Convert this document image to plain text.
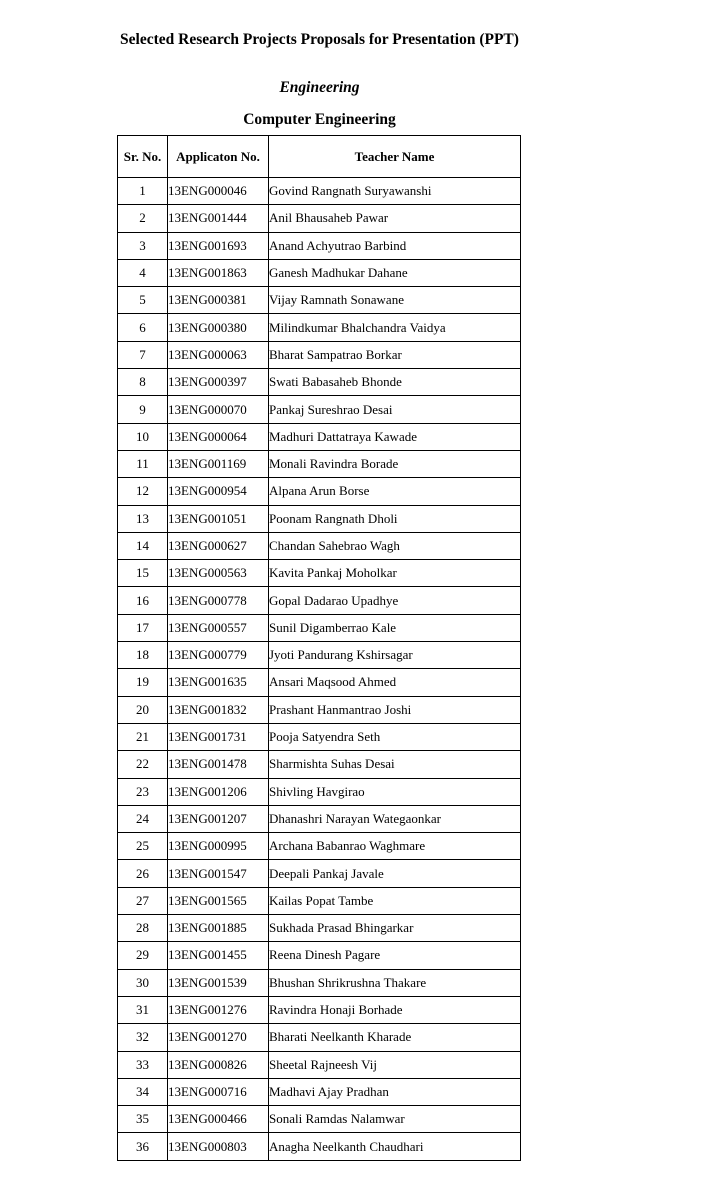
Selected Research Projects Proposals for Presentation (PPT)
Engineering
Computer Engineering
Sr. No.	Applicaton No.	Teacher Name
1	13ENG000046	Govind Rangnath Suryawanshi
2	13ENG001444	Anil Bhausaheb Pawar
3	13ENG001693	Anand Achyutrao Barbind
4	13ENG001863	Ganesh Madhukar Dahane
5	13ENG000381	Vijay Ramnath Sonawane
6	13ENG000380	Milindkumar Bhalchandra Vaidya
7	13ENG000063	Bharat Sampatrao Borkar
8	13ENG000397	Swati Babasaheb Bhonde
9	13ENG000070	Pankaj Sureshrao Desai
10	13ENG000064	Madhuri Dattatraya Kawade
11	13ENG001169	Monali Ravindra Borade
12	13ENG000954	Alpana Arun Borse
13	13ENG001051	Poonam Rangnath Dholi
14	13ENG000627	Chandan Sahebrao Wagh
15	13ENG000563	Kavita Pankaj Moholkar
16	13ENG000778	Gopal Dadarao Upadhye
17	13ENG000557	Sunil Digamberrao Kale
18	13ENG000779	Jyoti Pandurang Kshirsagar
19	13ENG001635	Ansari Maqsood Ahmed
20	13ENG001832	Prashant Hanmantrao Joshi
21	13ENG001731	Pooja Satyendra Seth
22	13ENG001478	Sharmishta Suhas Desai
23	13ENG001206	Shivling Havgirao
24	13ENG001207	Dhanashri Narayan Wategaonkar
25	13ENG000995	Archana Babanrao Waghmare
26	13ENG001547	Deepali Pankaj Javale
27	13ENG001565	Kailas Popat Tambe
28	13ENG001885	Sukhada Prasad Bhingarkar
29	13ENG001455	Reena Dinesh Pagare
30	13ENG001539	Bhushan Shrikrushna Thakare
31	13ENG001276	Ravindra Honaji Borhade
32	13ENG001270	Bharati Neelkanth Kharade
33	13ENG000826	Sheetal Rajneesh Vij
34	13ENG000716	Madhavi Ajay Pradhan
35	13ENG000466	Sonali Ramdas Nalamwar
36	13ENG000803	Anagha Neelkanth Chaudhari
